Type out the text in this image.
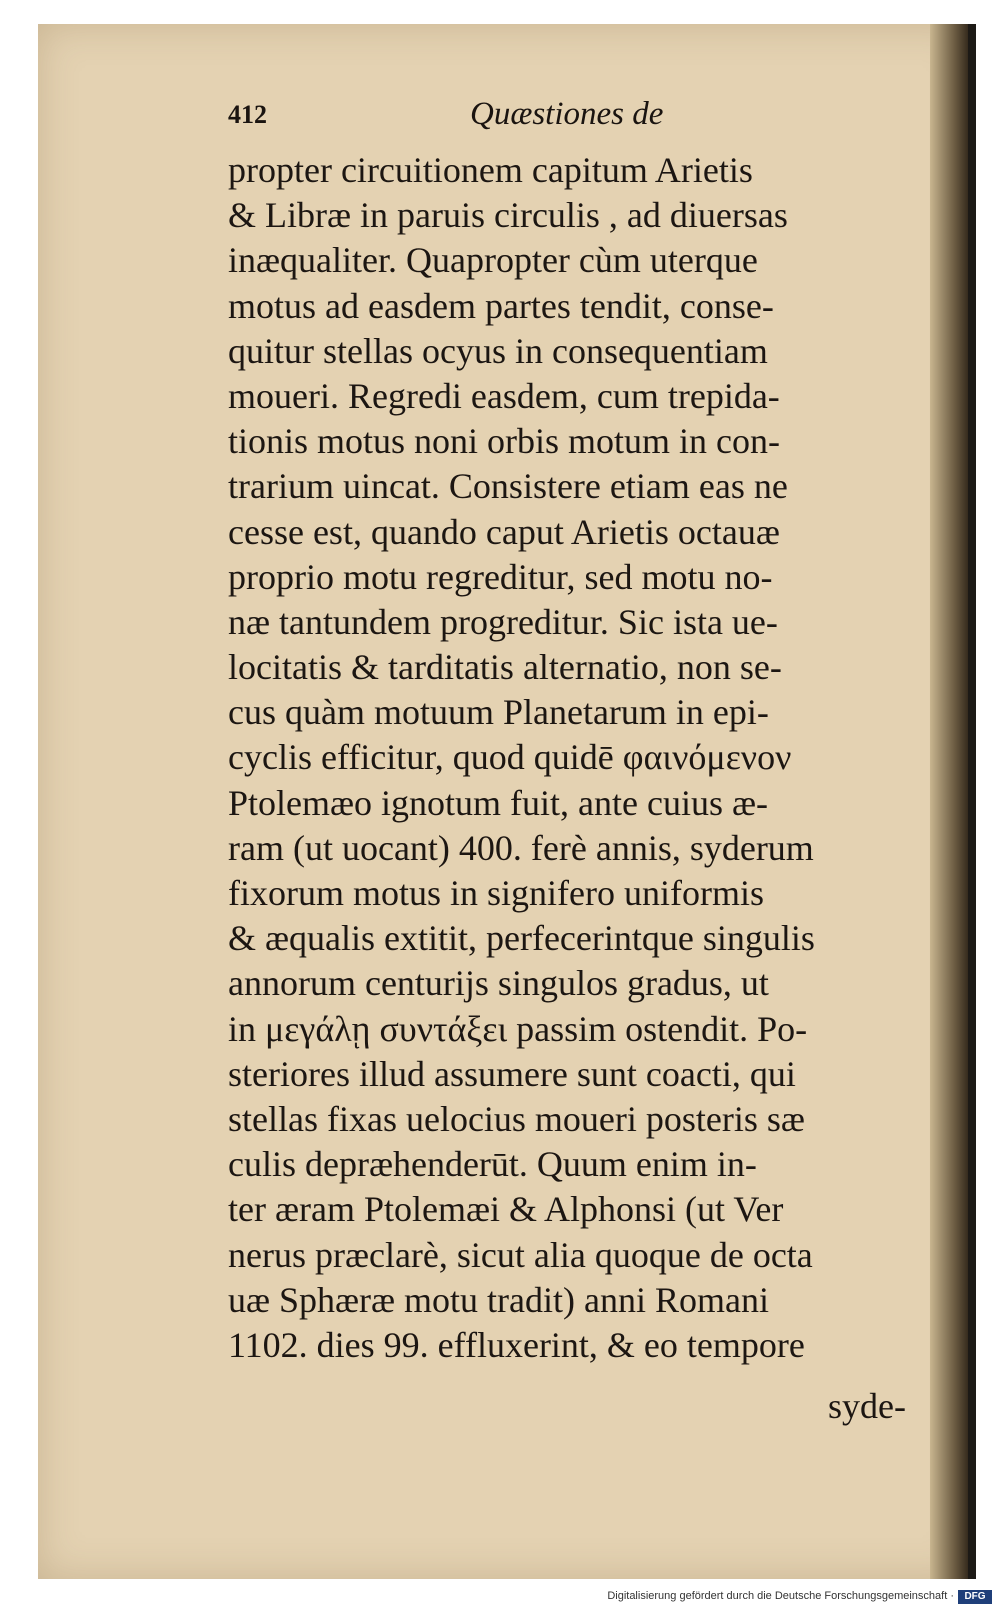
412	Quæstiones de

propter circuitionem capitum Arietis
& Libræ in paruis circulis , ad diuersas
inæqualiter. Quapropter cùm uterque
motus ad easdem partes tendit, conse-
quitur stellas ocyus in consequentiam
moueri. Regredi easdem, cum trepida-
tionis motus noni orbis motum in con-
trarium uincat. Consistere etiam eas ne
cesse est, quando caput Arietis octauæ
proprio motu regreditur, sed motu no-
næ tantundem progreditur. Sic ista ue-
locitatis & tarditatis alternatio, non se-
cus quàm motuum Planetarum in epi-
cyclis efficitur, quod quidē φαινόμενον
Ptolemæo ignotum fuit, ante cuius æ-
ram (ut uocant) 400. ferè annis, syderum
fixorum motus in signifero uniformis
& æqualis extitit, perfecerintque singulis
annorum centurijs singulos gradus, ut
in μεγάλῃ συντάξει passim ostendit. Po-
steriores illud assumere sunt coacti, qui
stellas fixas uelocius moueri posteris sæ
culis depræhenderūt. Quum enim in-
ter æram Ptolemæi & Alphonsi (ut Ver
nerus præclarè, sicut alia quoque de octa
uæ Sphæræ motu tradit) anni Romani
1102. dies 99. effluxerint, & eo tempore

syde-

Digitalisierung gefördert durch die Deutsche Forschungsgemeinschaft ·	DFG
